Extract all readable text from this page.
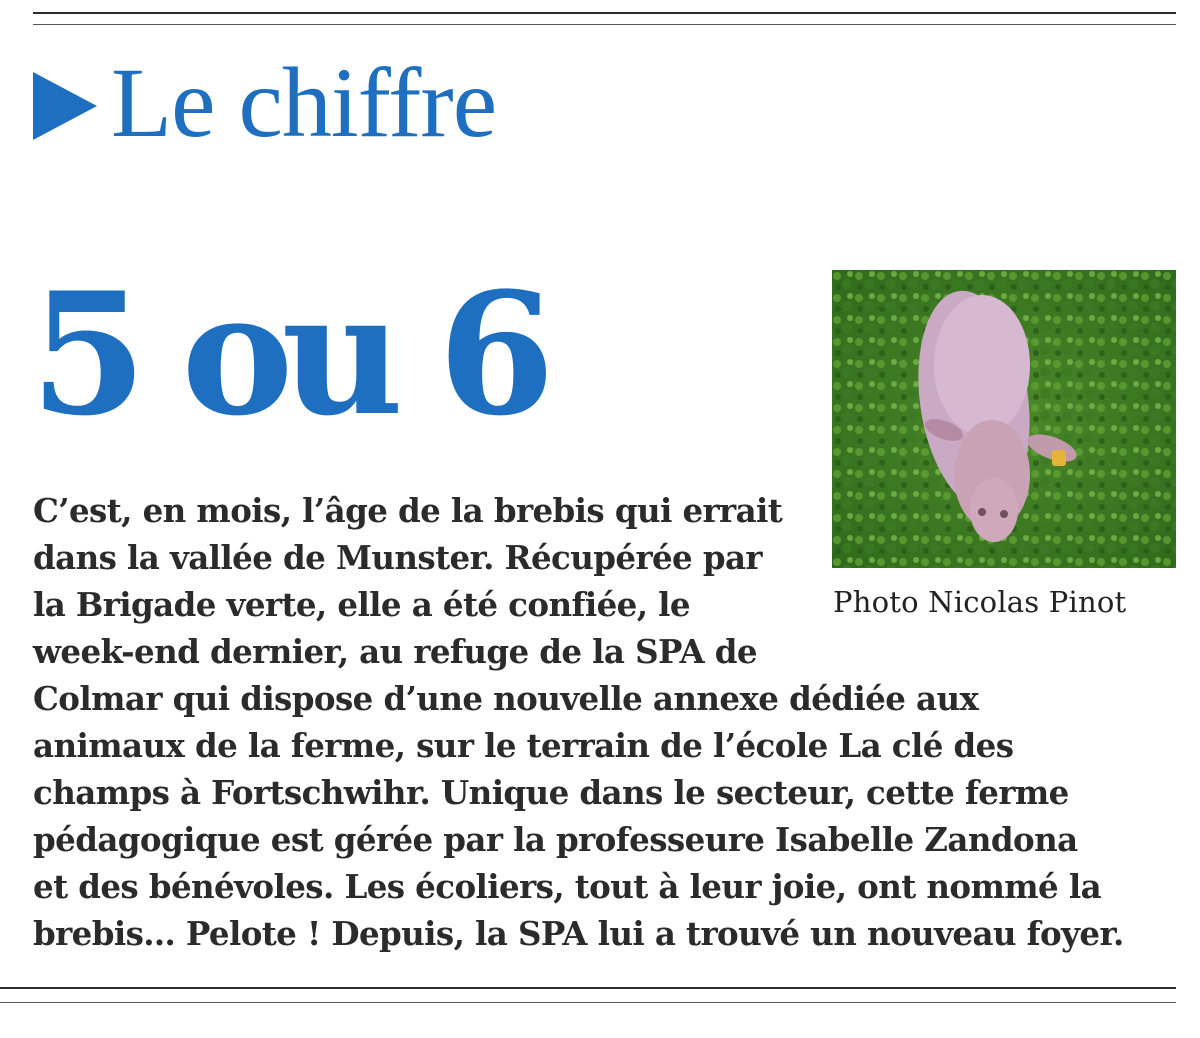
Le chiffre
5 ou 6
Photo Nicolas Pinot
C’est, en mois, l’âge de la brebis qui errait
dans la vallée de Munster. Récupérée par
la Brigade verte, elle a été confiée, le
week-end dernier, au refuge de la SPA de
Colmar qui dispose d’une nouvelle annexe dédiée aux
animaux de la ferme, sur le terrain de l’école La clé des
champs à Fortschwihr. Unique dans le secteur, cette ferme
pédagogique est gérée par la professeure Isabelle Zandona
et des bénévoles. Les écoliers, tout à leur joie, ont nommé la
brebis… Pelote ! Depuis, la SPA lui a trouvé un nouveau foyer.
